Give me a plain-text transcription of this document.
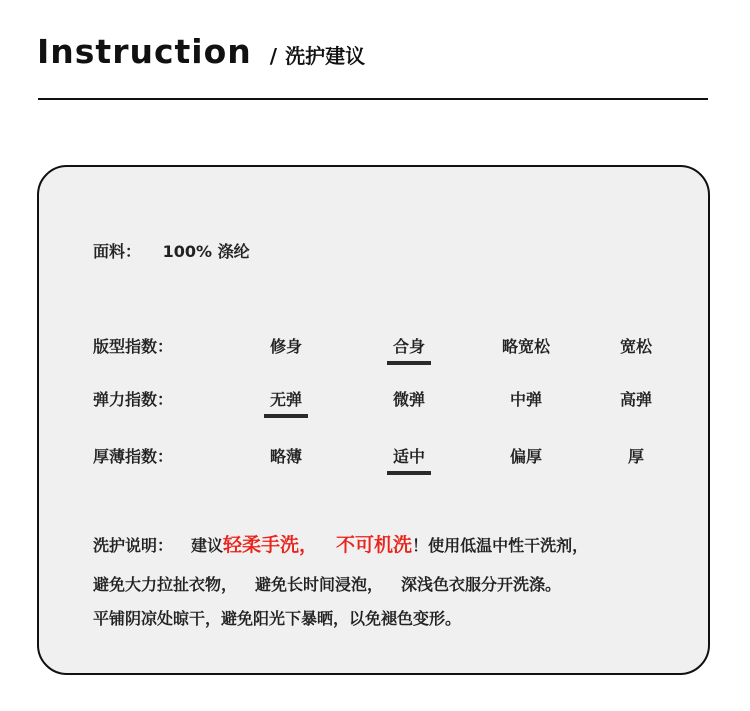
Instruction / 洗护建议
面料： 100% 涤纶
版型指数：	修身	合身	略宽松	宽松
弹力指数：	无弹	微弹	中弹	高弹
厚薄指数：	略薄	适中	偏厚	厚
洗护说明： 建议轻柔手洗， 不可机洗！使用低温中性干洗剂，
避免大力拉扯衣物， 避免长时间浸泡， 深浅色衣服分开洗涤。
平铺阴凉处晾干，避免阳光下暴晒，以免褪色变形。
